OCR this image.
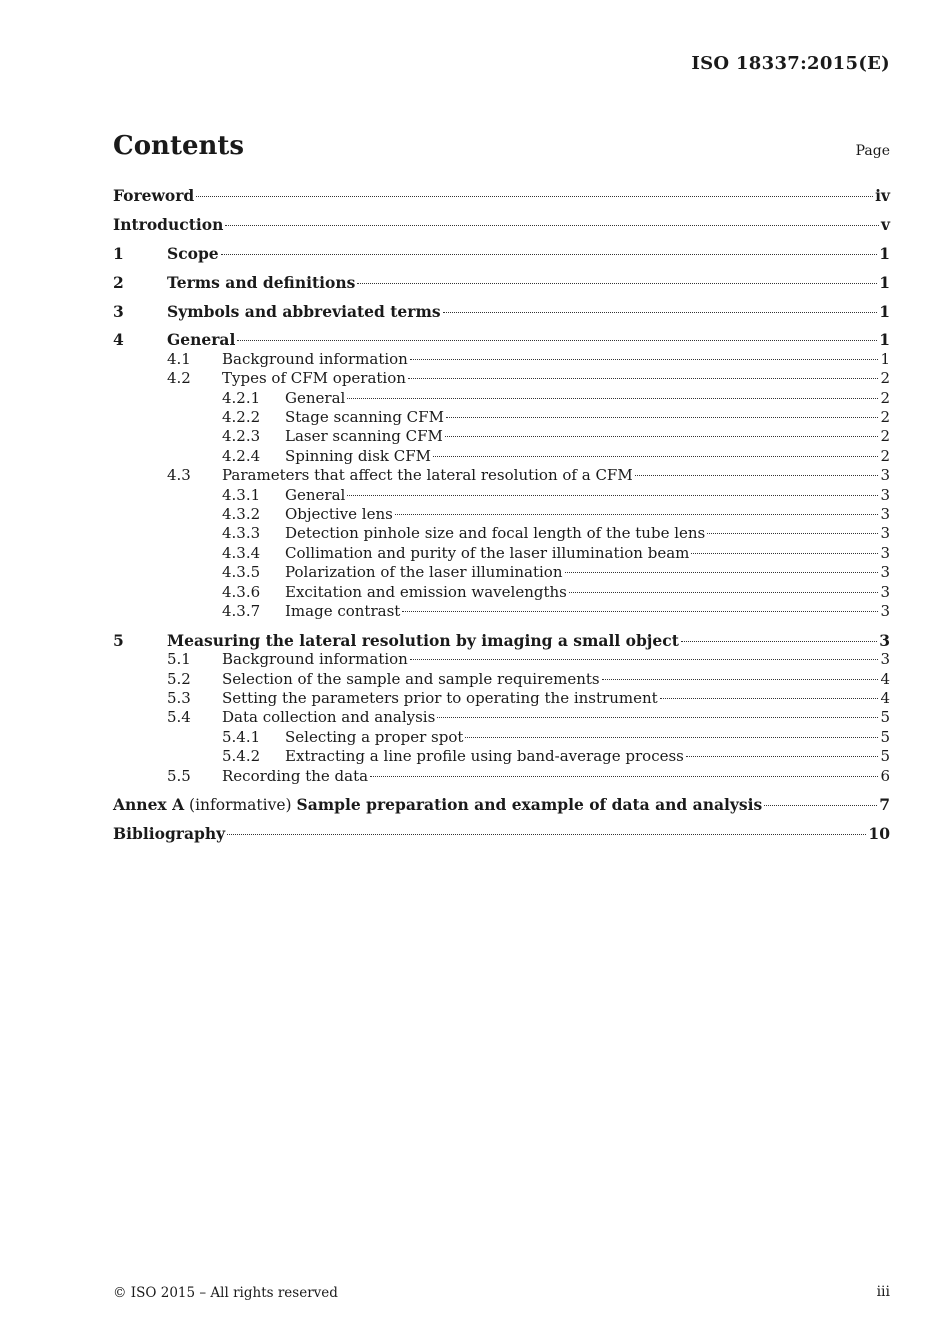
ISO 18337:2015(E)
Contents	Page
Foreword	iv
Introduction	v
1	Scope	1
2	Terms and definitions	1
3	Symbols and abbreviated terms	1
4	General	1
4.1	Background information	1
4.2	Types of CFM operation	2
4.2.1	General	2
4.2.2	Stage scanning CFM	2
4.2.3	Laser scanning CFM	2
4.2.4	Spinning disk CFM	2
4.3	Parameters that affect the lateral resolution of a CFM	3
4.3.1	General	3
4.3.2	Objective lens	3
4.3.3	Detection pinhole size and focal length of the tube lens	3
4.3.4	Collimation and purity of the laser illumination beam	3
4.3.5	Polarization of the laser illumination	3
4.3.6	Excitation and emission wavelengths	3
4.3.7	Image contrast	3
5	Measuring the lateral resolution by imaging a small object	3
5.1	Background information	3
5.2	Selection of the sample and sample requirements	4
5.3	Setting the parameters prior to operating the instrument	4
5.4	Data collection and analysis	5
5.4.1	Selecting a proper spot	5
5.4.2	Extracting a line profile using band-average process	5
5.5	Recording the data	6
Annex A (informative) Sample preparation and example of data and analysis	7
Bibliography	10
© ISO 2015 – All rights reserved	iii
